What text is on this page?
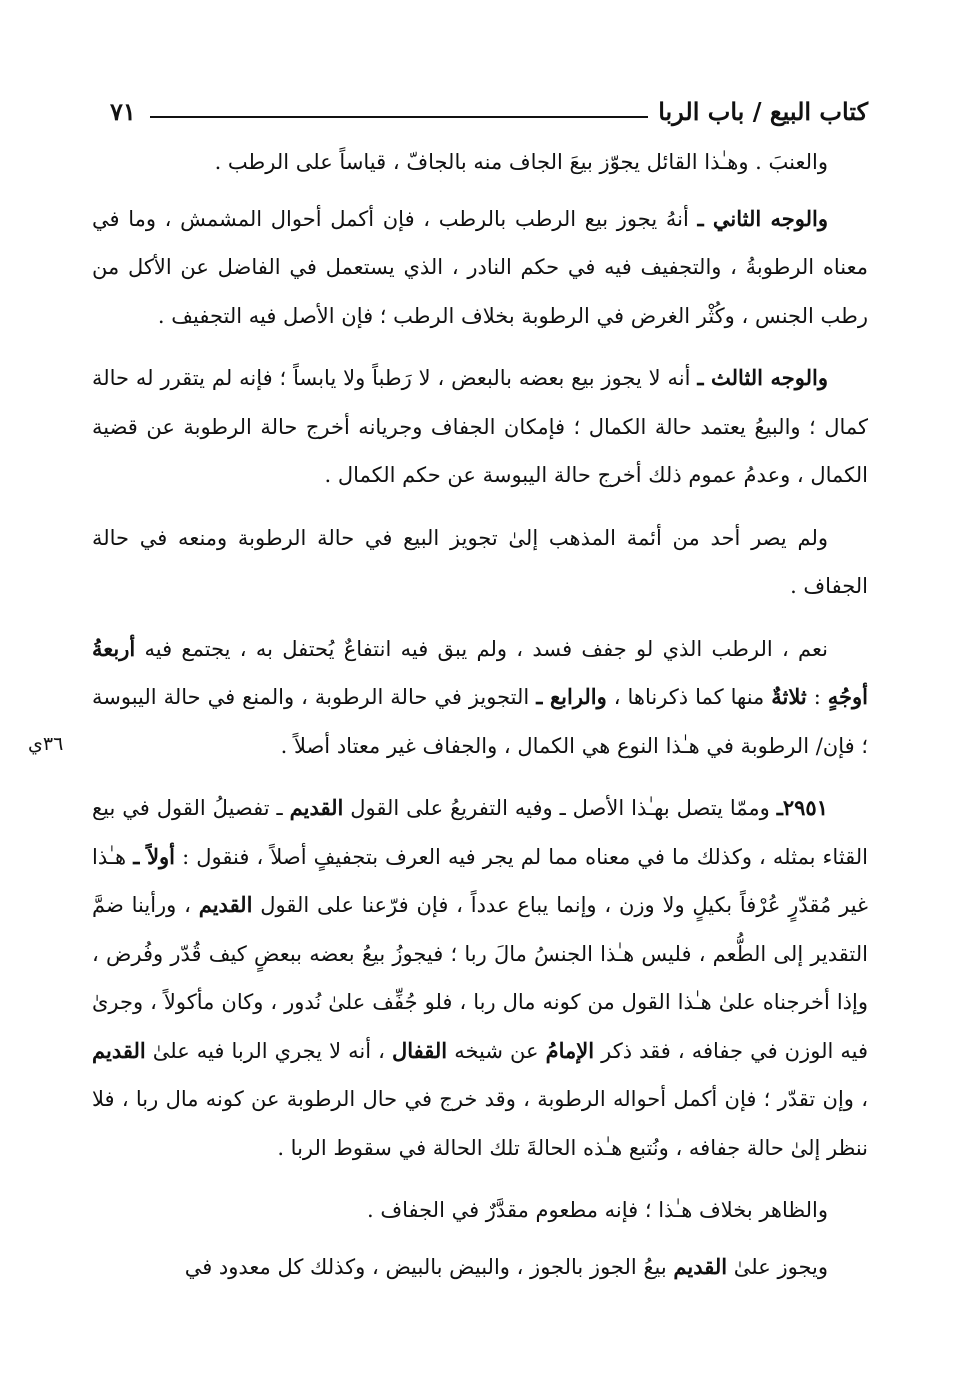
كتاب البيع / باب الربا
٧١
٣٦ي

والعنبَ . وهـٰذا القائل يجوّز بيعَ الجاف منه بالجافّ ، قياساً على الرطب .

والوجه الثاني ـ أنهُ يجوز بيع الرطب بالرطب ، فإن أكمل أحوال المشمش ، وما في معناه الرطوبةُ ، والتجفيف فيه في حكم النادر ، الذي يستعمل في الفاضل عن الأكل من رطب الجنس ، وكُثْر الغرض في الرطوبة بخلاف الرطب ؛ فإن الأصل فيه التجفيف .

والوجه الثالث ـ أنه لا يجوز بيع بعضه بالبعض ، لا رَطباً ولا يابساً ؛ فإنه لم يتقرر له حالة كمال ؛ والبيعُ يعتمد حالة الكمال ؛ فإمكان الجفاف وجريانه أخرج حالة الرطوبة عن قضية الكمال ، وعدمُ عموم ذلك أخرج حالة اليبوسة عن حكم الكمال .

ولم يصر أحد من أئمة المذهب إلىٰ تجويز البيع في حالة الرطوبة ومنعه في حالة الجفاف .

نعم ، الرطب الذي لو جفف فسد ، ولم يبق فيه انتفاعٌ يُحتفل به ، يجتمع فيه أربعةُ أوجُهٍ : ثلاثةٌ منها كما ذكرناها ، والرابع ـ التجويز في حالة الرطوبة ، والمنع في حالة اليبوسة ؛ فإن/ الرطوبة في هـٰذا النوع هي الكمال ، والجفاف غير معتاد أصلاً .

٢٩٥١ـ وممّا يتصل بهـٰذا الأصل ـ وفيه التفريعُ على القول القديم ـ تفصيلُ القول في بيع القثاء بمثله ، وكذلك ما في معناه مما لم يجر فيه العرف بتجفيفٍ أصلاً ، فنقول : أولاً ـ هـٰذا غير مُقدّرٍ عُرْفاً بكيلٍ ولا وزن ، وإنما يباع عدداً ، فإن فرّعنا على القول القديم ، ورأينا ضمَّ التقدير إلى الطُّعم ، فليس هـٰذا الجنسُ مالَ ربا ؛ فيجوزُ بيعُ بعضه ببعضٍ كيف قُدّر وفُرض ، وإذا أخرجناه علىٰ هـٰذا القول من كونه مال ربا ، فلو جُفِّف علىٰ نُدور ، وكان مأكولاً ، وجرىٰ فيه الوزن في جفافه ، فقد ذكر الإمامُ عن شيخه القفال ، أنه لا يجري الربا فيه علىٰ القديم ، وإن تقدّر ؛ فإن أكمل أحواله الرطوبة ، وقد خرج في حال الرطوبة عن كونه مال ربا ، فلا ننظر إلىٰ حالة جفافه ، ونُتبع هـٰذه الحالةَ تلك الحالة في سقوط الربا .

والظاهر بخلاف هـٰذا ؛ فإنه مطعوم مقدَّرٌ في الجفاف .

ويجوز علىٰ القديم بيعُ الجوز بالجوز ، والبيض بالبيض ، وكذلك كل معدود في
